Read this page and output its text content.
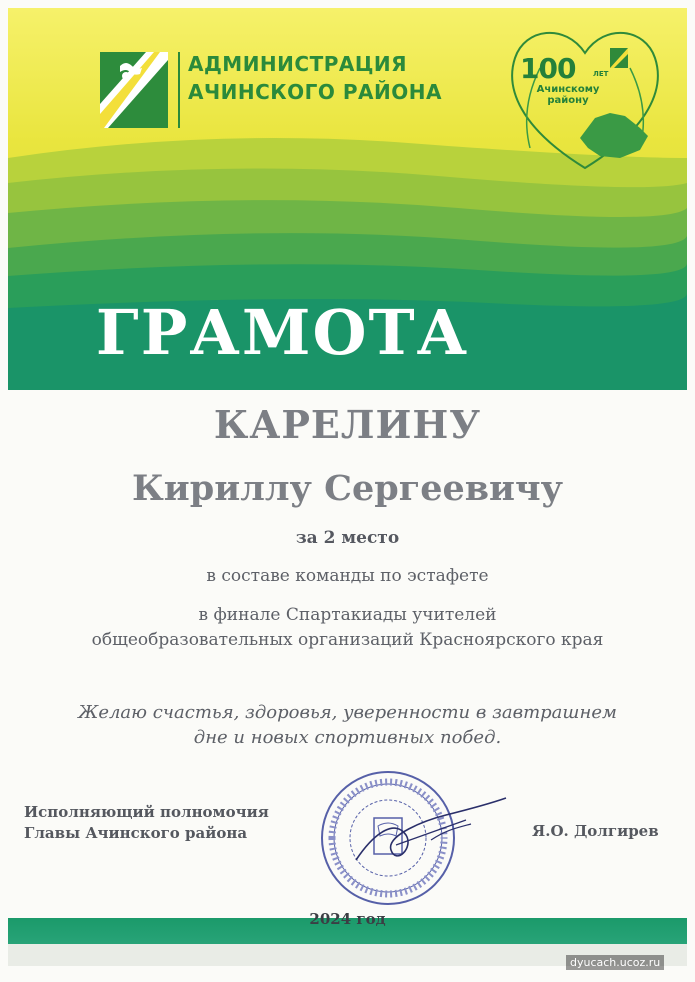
АДМИНИСТРАЦИЯ
АЧИНСКОГО РАЙОНА
100	ЛЕТ
Ачинскому
району
ГРАМОТА
КАРЕЛИНУ
Кириллу Сергеевичу
за 2 место
в составе команды по эстафете
в финале Спартакиады учителей
общеобразовательных организаций Красноярского края
Желаю счастья, здоровья, уверенности в завтрашнем
дне и новых спортивных побед.
Исполняющий полномочия
Главы Ачинского района	Я.О. Долгирев
2024 год
dyucach.ucoz.ru
